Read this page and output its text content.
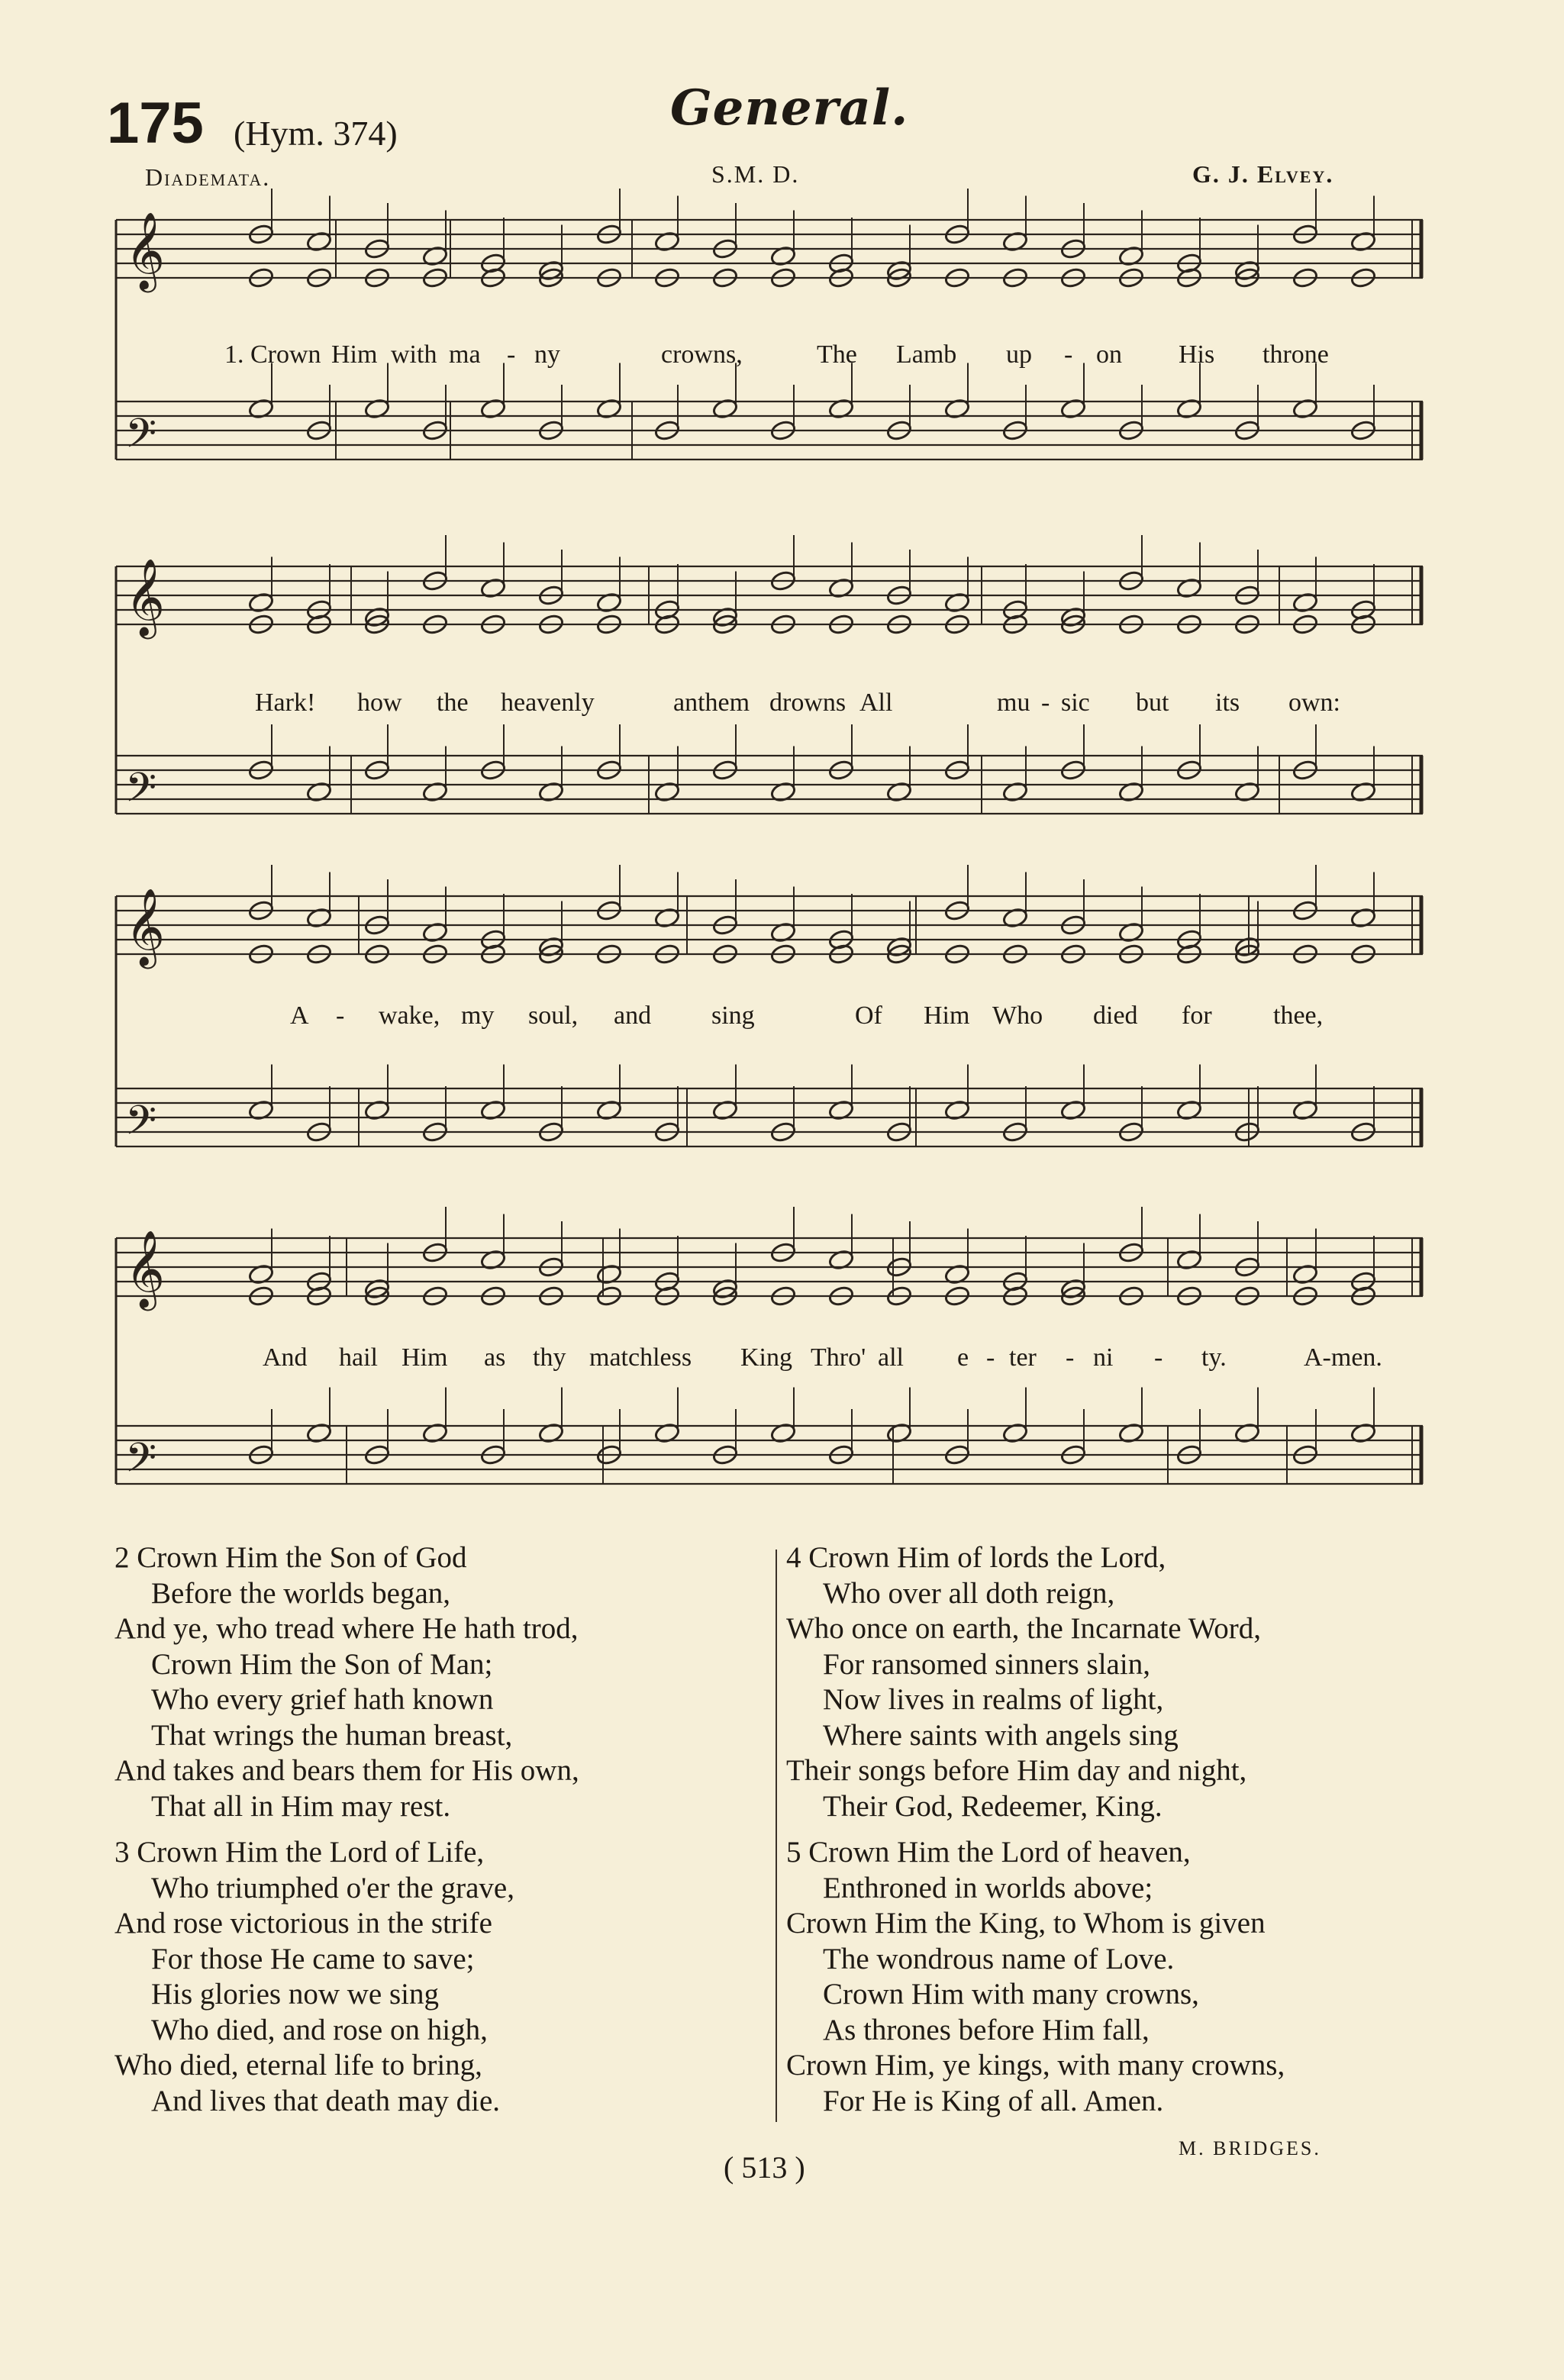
175 (Hym. 374)	General.
Diademata.	S.M. D.	G. J. Elvey.
𝄞
𝄢
𝄞
𝄢
𝄞
𝄢
𝄞
𝄢
1. Crown Him with ma - ny	crowns,	The Lamb up - on His throne
Hark! how the heavenly	anthem drowns All	mu - sic but its own:
A - wake, my soul, and sing	Of Him Who died for thee,
And hail Him as thy matchless King Thro' all e - ter - ni - ty.	A-men.
2 Crown Him the Son of God
Before the worlds began,
And ye, who tread where He hath trod,
Crown Him the Son of Man;
Who every grief hath known
That wrings the human breast,
And takes and bears them for His own,
That all in Him may rest.
3 Crown Him the Lord of Life,
Who triumphed o'er the grave,
And rose victorious in the strife
For those He came to save;
His glories now we sing
Who died, and rose on high,
Who died, eternal life to bring,
And lives that death may die.
4 Crown Him of lords the Lord,
Who over all doth reign,
Who once on earth, the Incarnate Word,
For ransomed sinners slain,
Now lives in realms of light,
Where saints with angels sing
Their songs before Him day and night,
Their God, Redeemer, King.
5 Crown Him the Lord of heaven,
Enthroned in worlds above;
Crown Him the King, to Whom is given
The wondrous name of Love.
Crown Him with many crowns,
As thrones before Him fall,
Crown Him, ye kings, with many crowns,
For He is King of all. Amen.
M. BRIDGES.
( 513 )
